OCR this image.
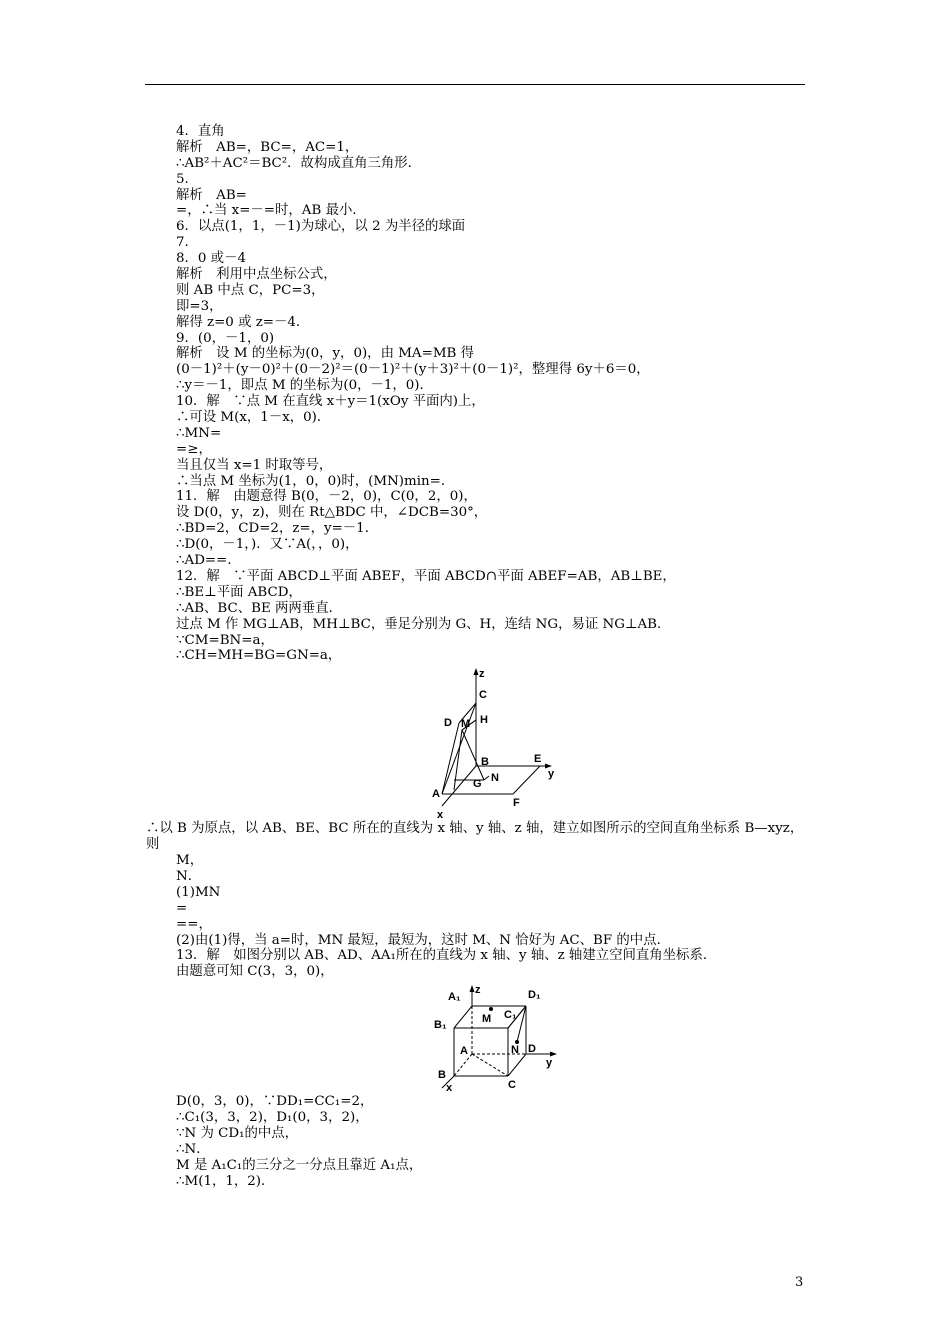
4．直角
解析　AB=，BC=，AC=1，
∴AB²＋AC²＝BC²．故构成直角三角形．
5.
解析　AB=
=，∴当 x=－=时，AB 最小．
6．以点(1，1，－1)为球心，以 2 为半径的球面
7.
8．0 或－4
解析　利用中点坐标公式，
则 AB 中点 C，PC=3，
即=3，
解得 z=0 或 z=－4．
9．(0，－1，0)
解析　设 M 的坐标为(0，y，0)，由 MA=MB 得
(0－1)²＋(y－0)²＋(0－2)²＝(0－1)²＋(y＋3)²＋(0－1)²，整理得 6y＋6＝0，
∴y＝－1，即点 M 的坐标为(0，－1，0)．
10．解　∵点 M 在直线 x＋y＝1(xOy 平面内)上，
∴可设 M(x，1－x，0)．
∴MN=
=≥，
当且仅当 x=1 时取等号，
∴当点 M 坐标为(1，0，0)时，(MN)min=．
11．解　由题意得 B(0，－2，0)，C(0，2，0)，
设 D(0，y，z)，则在 Rt△BDC 中，∠DCB=30°，
∴BD=2，CD=2，z=，y=－1．
∴D(0，－1，)．又∵A(，，0)，
∴AD==．
12．解　∵平面 ABCD⊥平面 ABEF，平面 ABCD∩平面 ABEF=AB，AB⊥BE，
∴BE⊥平面 ABCD，
∴AB、BC、BE 两两垂直．
过点 M 作 MG⊥AB，MH⊥BC，垂足分别为 G、H，连结 NG，易证 NG⊥AB．
∵CM=BN=a，
∴CH=MH=BG=GN=a，
z
C
H
D M
B	E
y
G N
A
F
x
∴以 B 为原点，以 AB、BE、BC 所在的直线为 x 轴、y 轴、z 轴，建立如图所示的空间直角坐标系 B—xyz，则
M，
N．
(1)MN
=
==，
(2)由(1)得，当 a=时，MN 最短，最短为，这时 M、N 恰好为 AC、BF 的中点．
13．解　如图分别以 AB、AD、AA₁所在的直线为 x 轴、y 轴、z 轴建立空间直角坐标系．
由题意可知 C(3，3，0)，
z
A₁	D₁
M C₁
B₁
A	N D
y
B
C
x
D(0，3，0)，∵DD₁=CC₁=2，
∴C₁(3，3，2)，D₁(0，3，2)，
∵N 为 CD₁的中点，
∴N．
M 是 A₁C₁的三分之一分点且靠近 A₁点，
∴M(1，1，2)．
3
